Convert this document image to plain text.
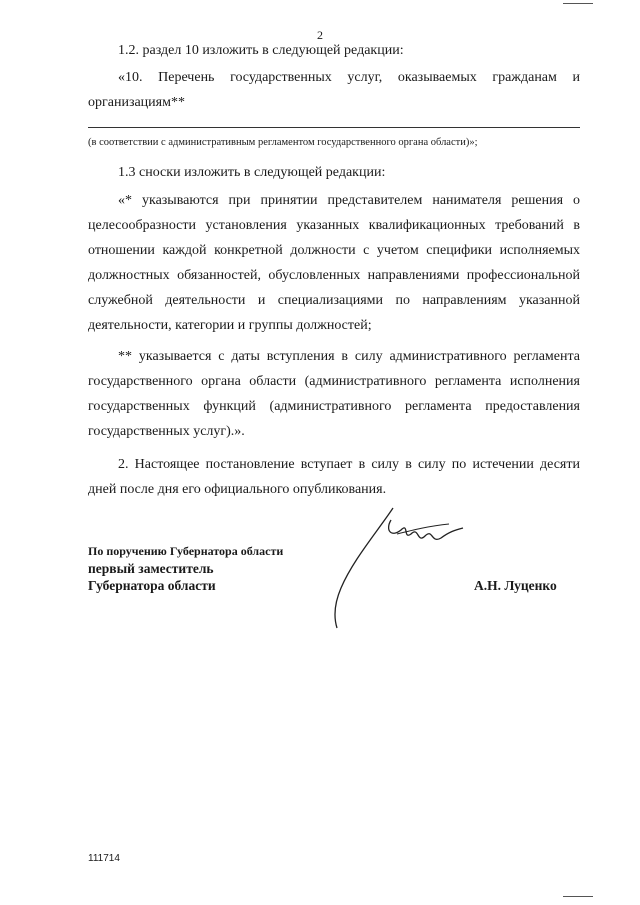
2
1.2. раздел 10 изложить в следующей редакции:
«10. Перечень государственных услуг, оказываемых гражданам и организациям**
(в соответствии с административным регламентом государственного органа области)»;
1.3 сноски изложить в следующей редакции:
«* указываются при принятии представителем нанимателя решения о целесообразности установления указанных квалификационных требований в отношении каждой конкретной должности с учетом специфики исполняемых должностных обязанностей, обусловленных направлениями профессиональной служебной деятельности и специализациями по направлениям указанной деятельности, категории и группы должностей;
** указывается с даты вступления в силу административного регламента государственного органа области (административного регламента исполнения государственных функций (административного регламента предоставления государственных услуг).».
2. Настоящее постановление вступает в силу в силу по истечении десяти дней после дня его официального опубликования.
По поручению Губернатора области
первый заместитель
Губернатора области	А.Н. Луценко
111714
